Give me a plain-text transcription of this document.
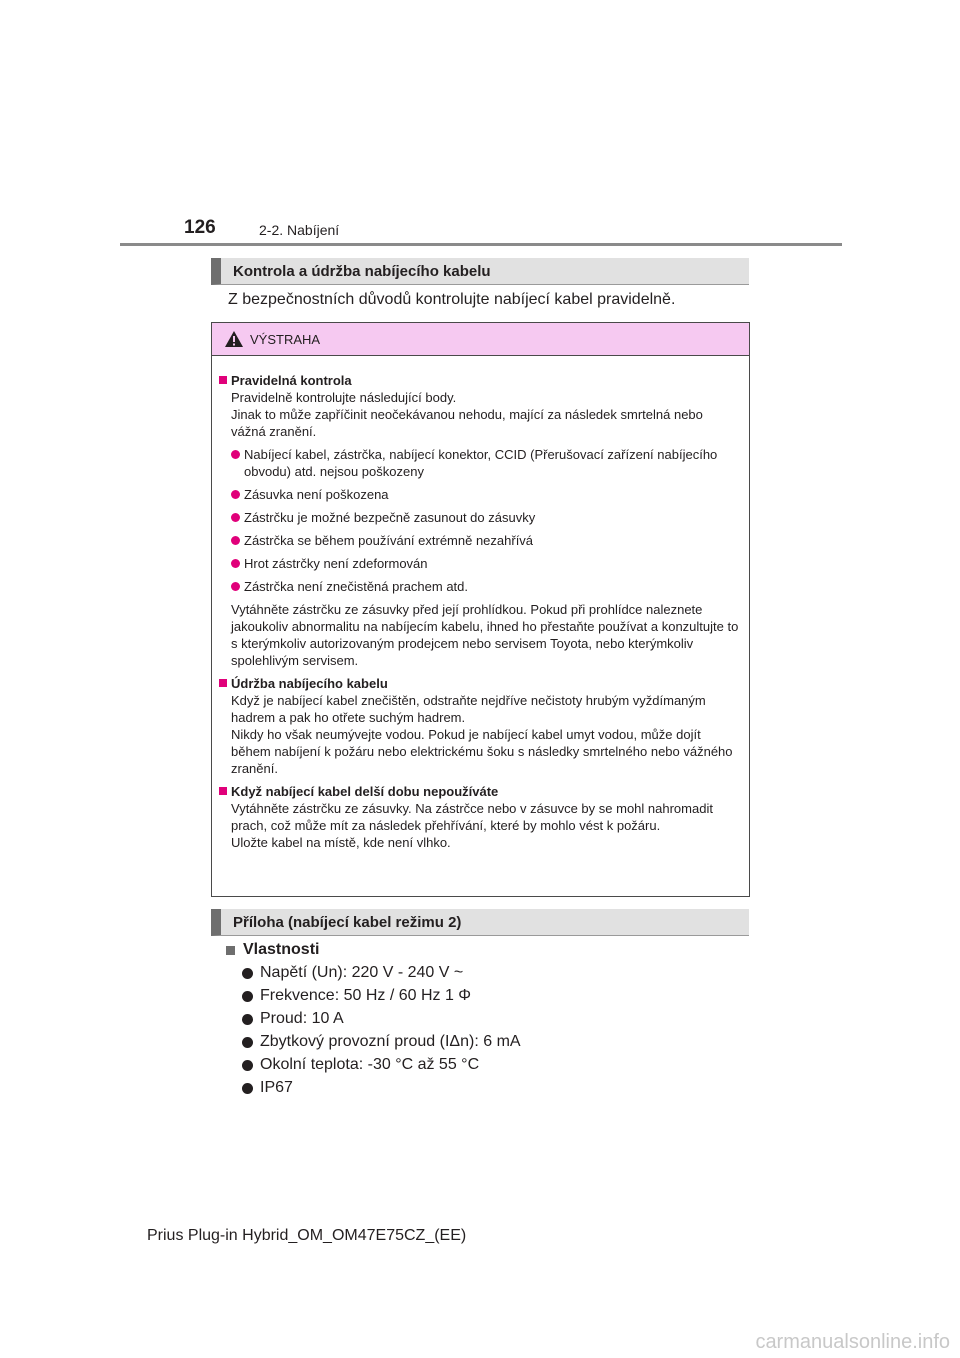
126	2-2. Nabíjení
Kontrola a údržba nabíjecího kabelu
Z bezpečnostních důvodů kontrolujte nabíjecí kabel pravidelně.
VÝSTRAHA
Pravidelná kontrola
Pravidelně kontrolujte následující body.
Jinak to může zapříčinit neočekávanou nehodu, mající za následek smrtelná nebo vážná zranění.
Nabíjecí kabel, zástrčka, nabíjecí konektor, CCID (Přerušovací zařízení nabíjecího obvodu) atd. nejsou poškozeny
Zásuvka není poškozena
Zástrčku je možné bezpečně zasunout do zásuvky
Zástrčka se během používání extrémně nezahřívá
Hrot zástrčky není zdeformován
Zástrčka není znečistěná prachem atd.
Vytáhněte zástrčku ze zásuvky před její prohlídkou. Pokud při prohlídce naleznete jakoukoliv abnormalitu na nabíjecím kabelu, ihned ho přestaňte používat a konzultujte to s kterýmkoliv autorizovaným prodejcem nebo servisem Toyota, nebo kterýmkoliv spolehlivým servisem.
Údržba nabíjecího kabelu
Když je nabíjecí kabel znečištěn, odstraňte nejdříve nečistoty hrubým vyždímaným hadrem a pak ho otřete suchým hadrem.
Nikdy ho však neumývejte vodou. Pokud je nabíjecí kabel umyt vodou, může dojít během nabíjení k požáru nebo elektrickému šoku s následky smrtelného nebo vážného zranění.
Když nabíjecí kabel delší dobu nepoužíváte
Vytáhněte zástrčku ze zásuvky. Na zástrčce nebo v zásuvce by se mohl nahromadit prach, což může mít za následek přehřívání, které by mohlo vést k požáru.
Uložte kabel na místě, kde není vlhko.
Příloha (nabíjecí kabel režimu 2)
Vlastnosti
Napětí (Un): 220 V - 240 V ~
Frekvence: 50 Hz / 60 Hz 1 Φ
Proud: 10 A
Zbytkový provozní proud (IΔn): 6 mA
Okolní teplota: -30 °C až 55 °C
IP67
Prius Plug-in Hybrid_OM_OM47E75CZ_(EE)
carmanualsonline.info
